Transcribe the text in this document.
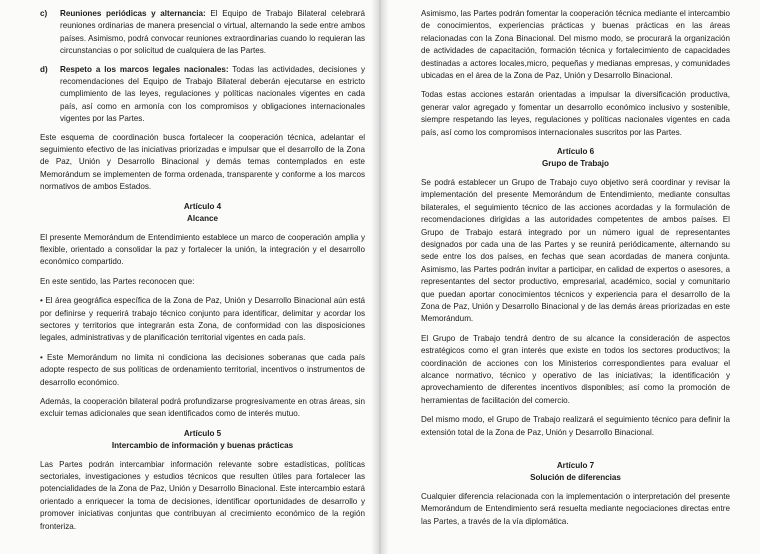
c) Reuniones periódicas y alternancia: El Equipo de Trabajo Bilateral celebrará reuniones ordinarias de manera presencial o virtual, alternando la sede entre ambos países. Asimismo, podrá convocar reuniones extraordinarias cuando lo requieran las circunstancias o por solicitud de cualquiera de las Partes.
d) Respeto a los marcos legales nacionales: Todas las actividades, decisiones y recomendaciones del Equipo de Trabajo Bilateral deberán ejecutarse en estricto cumplimiento de las leyes, regulaciones y políticas nacionales vigentes en cada país, así como en armonía con los compromisos y obligaciones internacionales vigentes por las Partes.

Este esquema de coordinación busca fortalecer la cooperación técnica, adelantar el seguimiento efectivo de las iniciativas priorizadas e impulsar que el desarrollo de la Zona de Paz, Unión y Desarrollo Binacional y demás temas contemplados en este Memorándum se implementen de forma ordenada, transparente y conforme a los marcos normativos de ambos Estados.

Artículo 4
Alcance

El presente Memorándum de Entendimiento establece un marco de cooperación amplia y flexible, orientado a consolidar la paz y fortalecer la unión, la integración y el desarrollo económico compartido.

En este sentido, las Partes reconocen que:

• El área geográfica específica de la Zona de Paz, Unión y Desarrollo Binacional aún está por definirse y requerirá trabajo técnico conjunto para identificar, delimitar y acordar los sectores y territorios que integrarán esta Zona, de conformidad con las disposiciones legales, administrativas y de planificación territorial vigentes en cada país.

• Este Memorándum no limita ni condiciona las decisiones soberanas que cada país adopte respecto de sus políticas de ordenamiento territorial, incentivos o instrumentos de desarrollo económico.

Además, la cooperación bilateral podrá profundizarse progresivamente en otras áreas, sin excluir temas adicionales que sean identificados como de interés mutuo.

Artículo 5
Intercambio de información y buenas prácticas

Las Partes podrán intercambiar información relevante sobre estadísticas, políticas sectoriales, investigaciones y estudios técnicos que resulten útiles para fortalecer las potencialidades de la Zona de Paz, Unión y Desarrollo Binacional. Este intercambio estará orientado a enriquecer la toma de decisiones, identificar oportunidades de desarrollo y promover iniciativas conjuntas que contribuyan al crecimiento económico de la región fronteriza.

Asimismo, las Partes podrán fomentar la cooperación técnica mediante el intercambio de conocimientos, experiencias prácticas y buenas prácticas en las áreas relacionadas con la Zona Binacional. Del mismo modo, se procurará la organización de actividades de capacitación, formación técnica y fortalecimiento de capacidades destinadas a actores locales,micro, pequeñas y medianas empresas, y comunidades ubicadas en el área de la Zona de Paz, Unión y Desarrollo Binacional.

Todas estas acciones estarán orientadas a impulsar la diversificación productiva, generar valor agregado y fomentar un desarrollo económico inclusivo y sostenible, siempre respetando las leyes, regulaciones y políticas nacionales vigentes en cada país, así como los compromisos internacionales suscritos por las Partes.

Artículo 6
Grupo de Trabajo

Se podrá establecer un Grupo de Trabajo cuyo objetivo será coordinar y revisar la implementación del presente Memorándum de Entendimiento, mediante consultas bilaterales, el seguimiento técnico de las acciones acordadas y la formulación de recomendaciones dirigidas a las autoridades competentes de ambos países. El Grupo de Trabajo estará integrado por un número igual de representantes designados por cada una de las Partes y se reunirá periódicamente, alternando su sede entre los dos países, en fechas que sean acordadas de manera conjunta. Asimismo, las Partes podrán invitar a participar, en calidad de expertos o asesores, a representantes del sector productivo, empresarial, académico, social y comunitario que puedan aportar conocimientos técnicos y experiencia para el desarrollo de la Zona de Paz, Unión y Desarrollo Binacional y de las demás áreas priorizadas en este Memorándum.

El Grupo de Trabajo tendrá dentro de su alcance la consideración de aspectos estratégicos como el gran interés que existe en todos los sectores productivos; la coordinación de acciones con los Ministerios correspondientes para evaluar el alcance normativo, técnico y operativo de las iniciativas; la identificación y aprovechamiento de diferentes incentivos disponibles; así como la promoción de herramientas de facilitación del comercio.

Del mismo modo, el Grupo de Trabajo realizará el seguimiento técnico para definir la extensión total de la Zona de Paz, Unión y Desarrollo Binacional.

Artículo 7
Solución de diferencias

Cualquier diferencia relacionada con la implementación o interpretación del presente Memorándum de Entendimiento será resuelta mediante negociaciones directas entre las Partes, a través de la vía diplomática.
